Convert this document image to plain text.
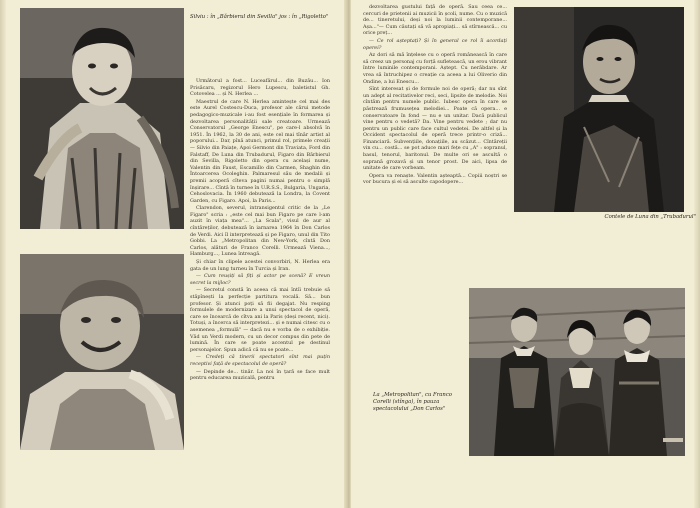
Silviu : în „Bărbierul din Sevilla" jos : în „Rigoletto"

Următorul a fost... Luceafărul... din Buzău... Ion Prisăcaru, regizorul Hero Lupescu, baletistul Gh. Cotovelea ... și N. Herlea ...

Maestrul de care N. Herlea amintește cel mai des este Aurel Costescu-Duca, profesor ale cărui metode pedagogico-muzicale i-au fost esențiale în formarea și dezvoltarea personalității sale creatoare. Urmează Conservatorul „George Enescu", pe care-l absolvă în 1951. În 1962, la 30 de ani, este cel mai tînăr artist al poporului... Dar, pînă atunci, primul rol, primele creații — Silvio din Paiațe, Apoi Germont din Traviata, Ford din Falstaff, De Luna din Trubadurul, Figaro din Bărbierul din Sevilla, Rigoletto din opera cu același nume, Valentin din Faust, Escamillo din Carmen, Shaghin din Întoarcerea Ocoleghin. Palmaresul său de medalii și premii acoperă cîteva pagini numai pentru o simplă înșirare... Cîntă în turnee în U.R.S.S., Bulgaria, Ungaria, Cehoslovacia. În 1960 debutează la Londra, la Covent Garden, cu Figaro. Apoi, la Paris...

Clarendon, severul, intransigentul critic de la „Le Figaro" scria : „este cel mai bun Figaro pe care l-am auzit în viața mea"... „La Scala", visul de aur al cîntăreților, debutează în iarnarea 1964 în Don Carlos de Verdi. Aici îl interpretează și pe Figaro, unul din Tito Gobbi. La „Metropolitan din New-York, cîntă Don Carlos, alături de Franco Corelli. Urmează Viena..., Hamburg..., Lunea întreagă.

Și chiar în clipele acestei convorbiri, N. Herlea era gata de un lung turneu în Turcia și Iran.

— Cum reușiți să fiți și actor pe scenă? E vreun secret la mijloc?

— Secretul constă în aceea că mai întîi trebuie să stăpînești la perfecție partitura vocală. Să... bun profesor. Și atunci poți să fii degajat. Nu resping formulele de modernizare a unui spectacol de operă, care se încearcă de cîtva ani la Paris (deși recent, nici). Totuși, a încerca să interpretezi... și e numai citesc cu o asemenea „formulă" — dacă nu e vorba de o exhibiție. Văd un Verdi modern, cu un decor compus din pete de lumină. În care se poate accentul pe destinul personajelor. Spun adică că nu se poate...

— Credeți că tinerii spectatori sînt mai puțin receptivi față de spectacolul de operă?

— Depinde de... tinăr. La noi în țară se face mult pentru educarea muzicală, pentru

dezvoltarea gustului față de operă. Sau ceea ce... cercuri de prietenii ai muzicii în școli, nume. Cu o muzică de... tineretului, deși noi la luminii contemporane... Așa..."— Cum căutați să vă apropiați... să stîrnească... cu orice preț...

— Ce rol așteptați? Și în general ce rol îi acordați operei?

Az dori să mă înțelese cu o operă românească în care să creez un personaj cu forță sufletească, un erou vibrant între luminile contemporani. Aștept. Cu nerăbdare. Ar vrea să întruchipez o creație ca aceea a lui Oliverio din Ondine, a lui Enescu...

Sînt interesat și de formule noi de operă; dar nu sînt un adept al recitativelor reci, seci, lipsite de melodie. Noi cîntăm pentru numele public. Iubesc opera în care se păstrează frumusețea melodiei... Poate că opera... e conservatoare în fond — nu e un unitar. Dacă publicul vine pentru o vedetă? Da. Vine pentru vedete ; dar nu pentru un public care face cultul vedetei. De altfel și la Occident spectacolul de operă trece printr-o criză... Financiară. Subvențiile, donațiile, au scăzut... Cîntăreții vin cu... costă... se pot aduce mari fețe cu „A" : sopranul, basul, tenorul, baritonul. De multe ori se ascultă o soprană grozavă și un tenor prost. De aici, lipsa de unitate de care vorbeam.

Opera va renaște. Valentin așteaptă... Copiii noștri se vor bucura și ei să asculte capodopere...

Contele de Luna din „Trubadurul"
La „Metropolitan", cu Franco Corelli (stînga), în pauza spectacolului „Don Carlos"
